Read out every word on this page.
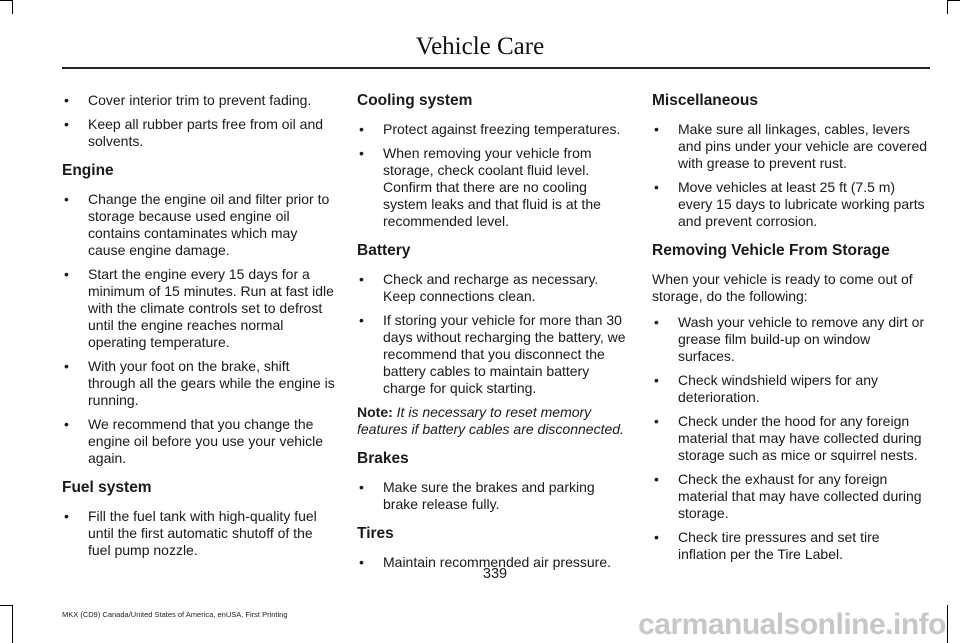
Vehicle Care
• Cover interior trim to prevent fading.
• Keep all rubber parts free from oil and solvents.
Engine
• Change the engine oil and filter prior to storage because used engine oil contains contaminates which may cause engine damage.
• Start the engine every 15 days for a minimum of 15 minutes. Run at fast idle with the climate controls set to defrost until the engine reaches normal operating temperature.
• With your foot on the brake, shift through all the gears while the engine is running.
• We recommend that you change the engine oil before you use your vehicle again.
Fuel system
• Fill the fuel tank with high-quality fuel until the first automatic shutoff of the fuel pump nozzle.
Cooling system
• Protect against freezing temperatures.
• When removing your vehicle from storage, check coolant fluid level. Confirm that there are no cooling system leaks and that fluid is at the recommended level.
Battery
• Check and recharge as necessary. Keep connections clean.
• If storing your vehicle for more than 30 days without recharging the battery, we recommend that you disconnect the battery cables to maintain battery charge for quick starting.

Note: It is necessary to reset memory features if battery cables are disconnected.

Brakes
• Make sure the brakes and parking brake release fully.
Tires
• Maintain recommended air pressure.
Miscellaneous
• Make sure all linkages, cables, levers and pins under your vehicle are covered with grease to prevent rust.
• Move vehicles at least 25 ft (7.5 m) every 15 days to lubricate working parts and prevent corrosion.
Removing Vehicle From Storage

When your vehicle is ready to come out of storage, do the following:

• Wash your vehicle to remove any dirt or grease film build-up on window surfaces.
• Check windshield wipers for any deterioration.
• Check under the hood for any foreign material that may have collected during storage such as mice or squirrel nests.
• Check the exhaust for any foreign material that may have collected during storage.
• Check tire pressures and set tire inflation per the Tire Label.
339
MKX (CD9) Canada/United States of America, enUSA, First Printing	carmanualsonline.info
